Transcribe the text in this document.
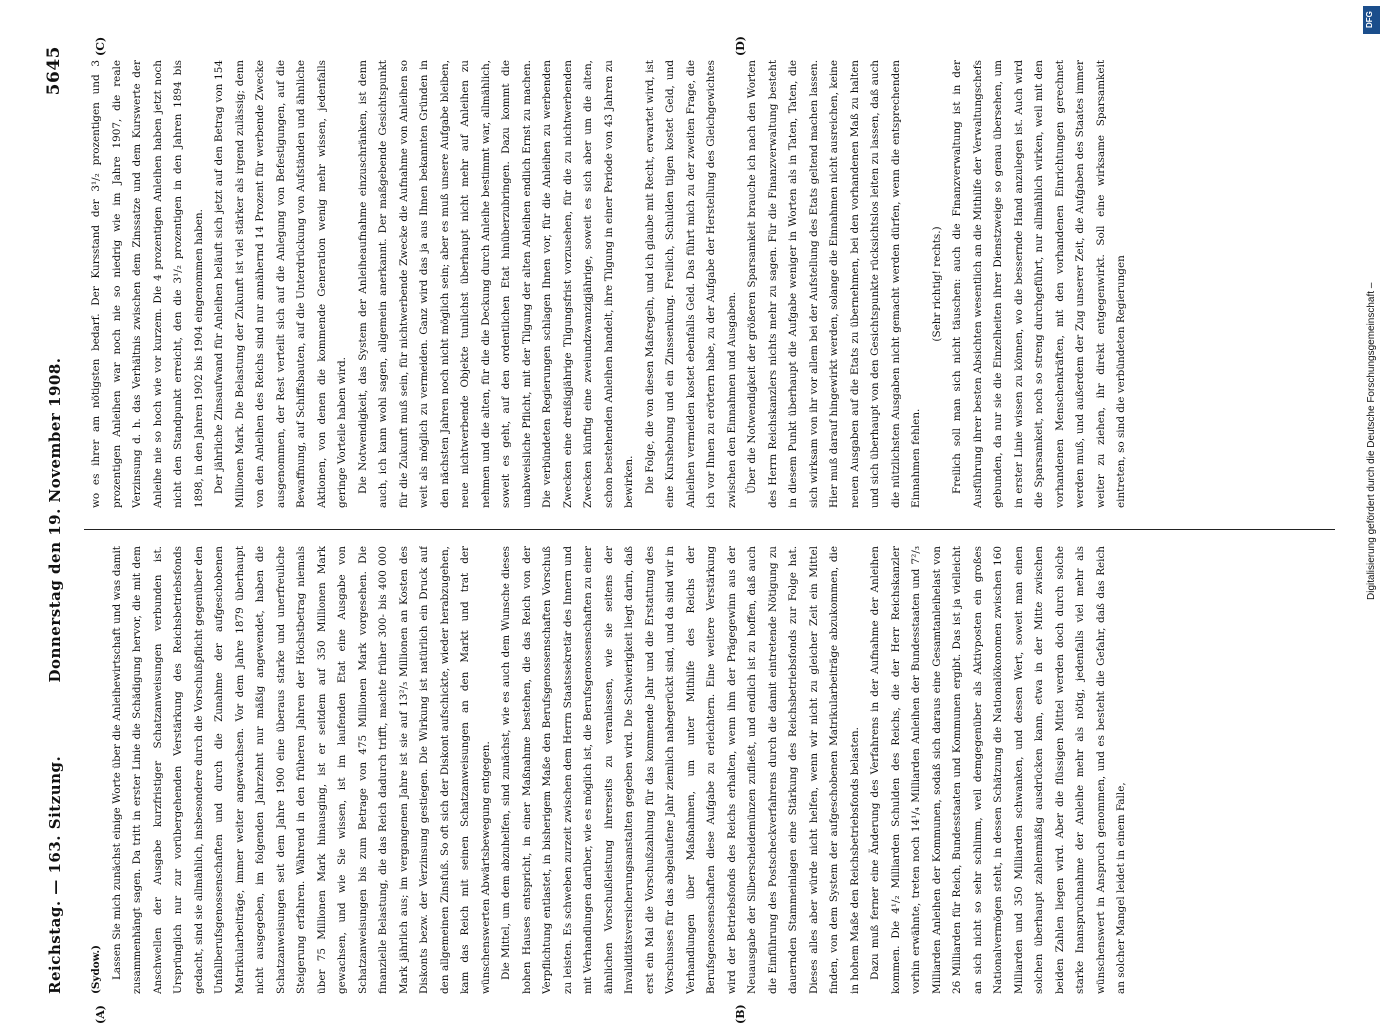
Reichstag. — 163. Sitzung.
Donnerstag den 19. November 1908.
5645
(A)	(B)
(C)	(D)

(Sydow.) Lassen Sie mich zunächst einige Worte über die Anleihewirtschaft und was damit zusammenhängt sagen. Da tritt in erster Linie die Schädigung hervor, die mit dem Anschwellen der Ausgabe kurzfristiger Schatzanweisungen verbunden ist. Ursprünglich nur zur vorübergehenden Verstärkung des Reichsbetriebsfonds gedacht, sind sie allmählich, insbesondere durch die Vorschußpflicht gegenüber den Unfallberufsgenossenschaften und durch die Zunahme der aufgeschobenen Matrikularbeiträge, immer weiter angewachsen. Vor dem Jahre 1879 überhaupt nicht ausgegeben, im folgenden Jahrzehnt nur mäßig angewendet, haben die Schatzanweisungen seit dem Jahre 1900 eine überaus starke und unerfreuliche Steigerung erfahren. Während in den früheren Jahren der Höchstbetrag niemals über 75 Millionen Mark hinausging, ist er seitdem auf 350 Millionen Mark gewachsen, und wie Sie wissen, ist im laufenden Etat eine Ausgabe von Schatzanweisungen bis zum Betrage von 475 Millionen Mark vorgesehen. Die finanzielle Belastung, die das Reich dadurch trifft, machte früher 300- bis 400 000 Mark jährlich aus; im vergangenen Jahre ist sie auf 13²/₃ Millionen an Kosten des Diskonts bezw. der Verzinsung gestiegen. Die Wirkung ist natürlich ein Druck auf den allgemeinen Zinsfuß. So oft sich der Diskont aufschickte, wieder herabzugehen, kam das Reich mit seinen Schatzanweisungen an den Markt und trat der wünschenswerten Abwärtsbewegung entgegen. Die Mittel, um dem abzuhelfen, sind zunächst, wie es auch dem Wunsche dieses hohen Hauses entspricht, in einer Maßnahme bestehen, die das Reich von der Verpflichtung entlastet, in bisherigem Maße den Berufsgenossenschaften Vorschuß zu leisten. Es schweben zurzeit zwischen dem Herrn Staatssekretär des Innern und mit Verhandlungen darüber, wie es möglich ist, die Berufsgenossenschaften zu einer ähnlichen Vorschußleistung ihrerseits zu veranlassen, wie sie seitens der Invaliditätsversicherungsanstalten gegeben wird. Die Schwierigkeit liegt darin, daß erst ein Mal die Vorschußzahlung für das kommende Jahr und die Erstattung des Vorschusses für das abgelaufene Jahr ziemlich nahegerückt sind, und da sind wir in Verhandlungen über Maßnahmen, um unter Mithilfe des Reichs der Berufsgenossenschaften diese Aufgabe zu erleichtern. Eine weitere Verstärkung wird der Betriebsfonds des Reichs erhalten, wenn ihm der Prägegewinn aus der Neuausgabe der Silberscheidemünzen zufließt, und endlich ist zu hoffen, daß auch die Einführung des Postscheckverfahrens durch die damit eintretende Nötigung zu dauernden Stammeinlagen eine Stärkung des Reichsbetriebsfonds zur Folge hat. Dieses alles aber würde nicht helfen, wenn wir nicht zu gleicher Zeit ein Mittel finden, von dem System der aufgeschobenen Matrikularbeiträge abzukommen, die in hohem Maße den Reichsbetriebsfonds belasten. Dazu muß ferner eine Änderung des Verfahrens in der Aufnahme der Anleihen kommen. Die 4¹/₂ Milliarden Schulden des Reichs, die der Herr Reichskanzler vorhin erwähnte, treten noch 14¹/₄ Milliarden Anleihen der Bundesstaaten und 7²/₃ Milliarden Anleihen der Kommunen, sodaß sich daraus eine Gesamtanleihelast von 26 Milliarden für Reich, Bundesstaaten und Kommunen ergibt. Das ist ja vielleicht an sich nicht so sehr schlimm, weil demgegenüber als Aktivposten ein großes Nationalvermögen steht, in dessen Schätzung die Nationalökonomen zwischen 160 Milliarden und 350 Milliarden schwanken, und dessen Wert, soweit man einen solchen überhaupt zahlenmäßig ausdrücken kann, etwa in der Mitte zwischen beiden Zahlen liegen wird. Aber die flüssigen Mittel werden doch durch solche starke Inanspruchnahme der Anleihe mehr als nötig, jedenfalls viel mehr als wünschenswert in Anspruch genommen, und es besteht die Gefahr, daß das Reich an solcher Mangel leidet in einem Falle,

wo es ihrer am nötigsten bedarf. Der Kursstand der 3¹/₂ prozentigen und 3 prozentigen Anleihen war noch nie so niedrig wie im Jahre 1907, die reale Verzinsung d. h. das Verhältnis zwischen dem Zinssatze und dem Kurswerte der Anleihe nie so hoch wie vor kurzem. Die 4 prozentigen Anleihen haben jetzt noch nicht den Standpunkt erreicht, den die 3¹/₂ prozentigen in den Jahren 1894 bis 1898, in den Jahren 1902 bis 1904 eingenommen haben. Der jährliche Zinsaufwand für Anleihen beläuft sich jetzt auf den Betrag von 154 Millionen Mark. Die Belastung der Zukunft ist viel stärker als irgend zulässig; denn von den Anleihen des Reichs sind nur annähernd 14 Prozent für werbende Zwecke ausgenommen, der Rest verteilt sich auf die Anlegung von Befestigungen, auf die Bewaffnung, auf Schiffsbauten, auf die Unterdrückung von Aufständen und ähnliche Aktionen, von denen die kommende Generation wenig mehr wissen, jedenfalls geringe Vorteile haben wird. Die Notwendigkeit, das System der Anleiheaufnahme einzuschränken, ist denn auch, ich kann wohl sagen, allgemein anerkannt. Der maßgebende Gesichtspunkt für die Zukunft muß sein, für nichtwerbende Zwecke die Aufnahme von Anleihen so weit als möglich zu vermeiden. Ganz wird das ja aus Ihnen bekannten Gründen in den nächsten Jahren noch nicht möglich sein; aber es muß unsere Aufgabe bleiben, neue nichtwerbende Objekte tunlichst überhaupt nicht mehr auf Anleihen zu nehmen und die alten, für die die Deckung durch Anleihe bestimmt war, allmählich, soweit es geht, auf den ordentlichen Etat hinüberzubringen. Dazu kommt die unabweisliche Pflicht, mit der Tilgung der alten Anleihen endlich Ernst zu machen. Die verbündeten Regierungen schlagen Ihnen vor, für die Anleihen zu werbenden Zwecken eine dreißigjährige Tilgungsfrist vorzusehen, für die zu nichtwerbenden Zwecken künftig eine zweiundzwanzigjährige, soweit es sich aber um die alten, schon bestehenden Anleihen handelt, ihre Tilgung in einer Periode von 43 Jahren zu bewirken. Die Folge, die von diesen Maßregeln, und ich glaube mit Recht, erwartet wird, ist eine Kurshebung und ein Zinssenkung. Freilich, Schulden tilgen kostet Geld, und Anleihen vermeiden kostet ebenfalls Geld. Das führt mich zu der zweiten Frage, die ich vor Ihnen zu erörtern habe, zu der Aufgabe der Herstellung des Gleichgewichtes zwischen den Einnahmen und Ausgaben. Über die Notwendigkeit der größeren Sparsamkeit brauche ich nach den Worten des Herrn Reichskanzlers nichts mehr zu sagen. Für die Finanzverwaltung besteht in diesem Punkt überhaupt die Aufgabe weniger in Worten als in Taten, Taten, die sich wirksam von ihr vor allem bei der Aufstellung des Etats geltend machen lassen. Hier muß darauf hingewirkt werden, solange die Einnahmen nicht ausreichen, keine neuen Ausgaben auf die Etats zu übernehmen, bei den vorhandenen Maß zu halten und sich überhaupt von den Gesichtspunkte rücksichtslos leiten zu lassen, daß auch die nützlichsten Ausgaben nicht gemacht werden dürfen, wenn die entsprechenden Einnahmen fehlen.

(Sehr richtig! rechts.) Freilich soll man sich nicht täuschen: auch die Finanzverwaltung ist in der Ausführung ihrer besten Absichten wesentlich an die Mithilfe der Verwaltungschefs gebunden, da nur sie die Einzelheiten ihrer Dienstzweige so genau übersehen, um in erster Linie wissen zu können, wo die bessernde Hand anzulegen ist. Auch wird die Sparsamkeit, noch so streng durchgeführt, nur allmählich wirken, weil mit den vorhandenen Menschenkräften, mit den vorhandenen Einrichtungen gerechnet werden muß, und außerdem der Zug unserer Zeit, die Aufgaben des Staates immer weiter zu ziehen, ihr direkt entgegenwirkt. Soll eine wirksame Sparsamkeit eintreten, so sind die verbündeten Regierungen

DFG
Digitalisierung gefördert durch die Deutsche Forschungsgemeinschaft –
